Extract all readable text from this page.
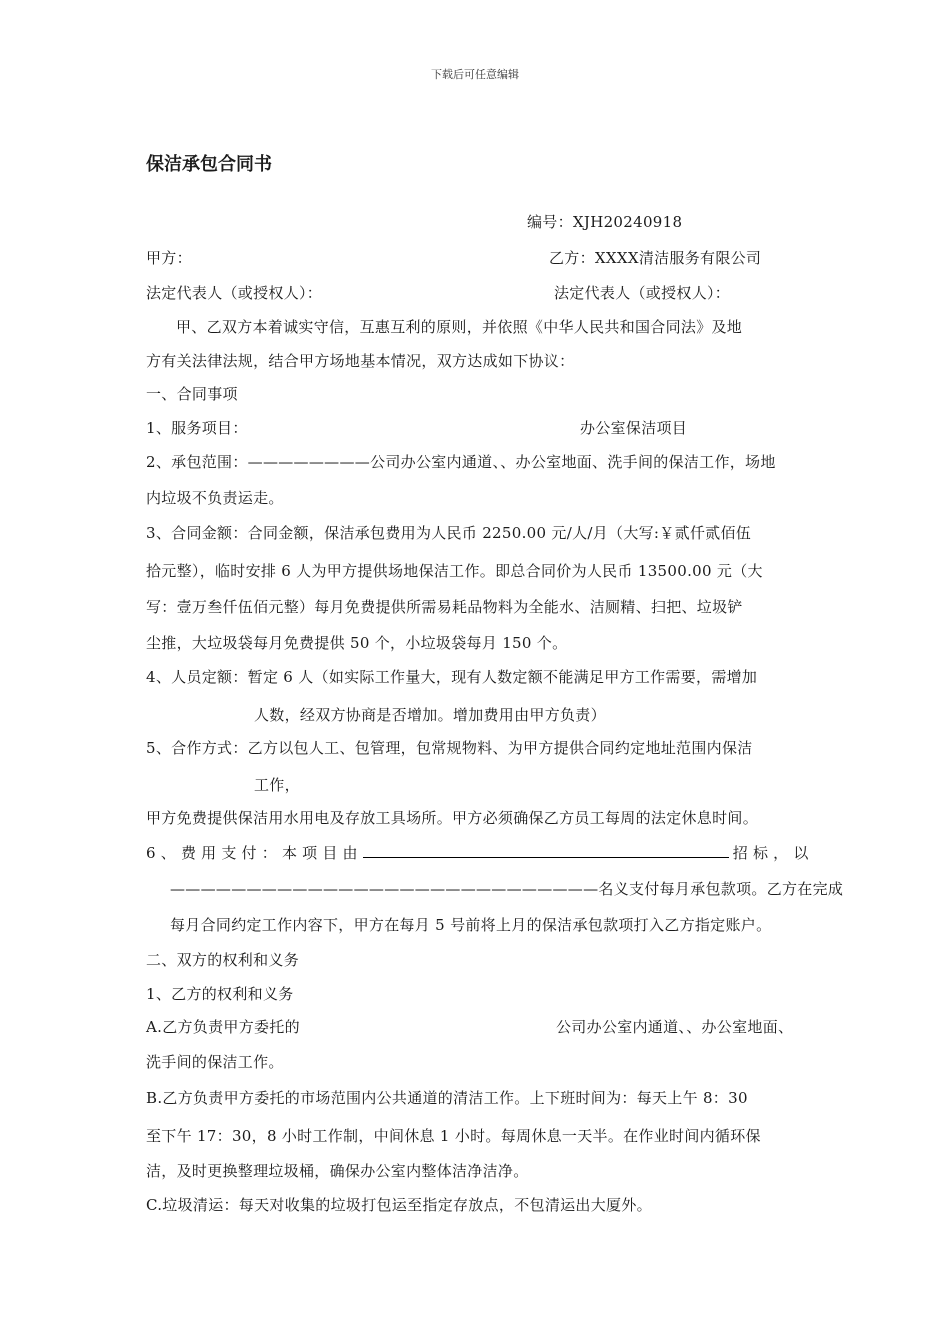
下载后可任意编辑
保洁承包合同书
编号：XJH20240918
甲方：	乙方：XXXX清洁服务有限公司
法定代表人（或授权人）：	法定代表人（或授权人）：
甲、乙双方本着诚实守信，互惠互利的原则，并依照《中华人民共和国合同法》及地
方有关法律法规，结合甲方场地基本情况，双方达成如下协议：
一、合同事项
1、服务项目：	办公室保洁项目
2、承包范围：————————公司办公室内通道、、办公室地面、洗手间的保洁工作，场地
内垃圾不负责运走。
3、合同金额：合同金额，保洁承包费用为人民币 2250.00 元/人/月（大写:￥贰仟贰佰伍
拾元整），临时安排 6 人为甲方提供场地保洁工作。即总合同价为人民币 13500.00 元（大
写：壹万叁仟伍佰元整）每月免费提供所需易耗品物料为全能水、洁厕精、扫把、垃圾铲
尘推，大垃圾袋每月免费提供 50 个，小垃圾袋每月 150 个。
4、人员定额：暂定 6 人（如实际工作量大，现有人数定额不能满足甲方工作需要，需增加
人数，经双方协商是否增加。增加费用由甲方负责）
5、合作方式：乙方以包人工、包管理，包常规物料、为甲方提供合同约定地址范围内保洁
工作，
甲方免费提供保洁用水用电及存放工具场所。甲方必须确保乙方员工每周的法定休息时间。
6、费用支付：本项目由	招标，以
————————————————————————————名义支付每月承包款项。乙方在完成
每月合同约定工作内容下，甲方在每月 5 号前将上月的保洁承包款项打入乙方指定账户。
二、双方的权利和义务
1、乙方的权利和义务
A.乙方负责甲方委托的	公司办公室内通道、、办公室地面、
洗手间的保洁工作。
B.乙方负责甲方委托的市场范围内公共通道的清洁工作。上下班时间为：每天上午 8：30
至下午 17：30，8 小时工作制，中间休息 1 小时。每周休息一天半。在作业时间内循环保
洁，及时更换整理垃圾桶，确保办公室内整体洁净洁净。
C.垃圾清运：每天对收集的垃圾打包运至指定存放点，不包清运出大厦外。
